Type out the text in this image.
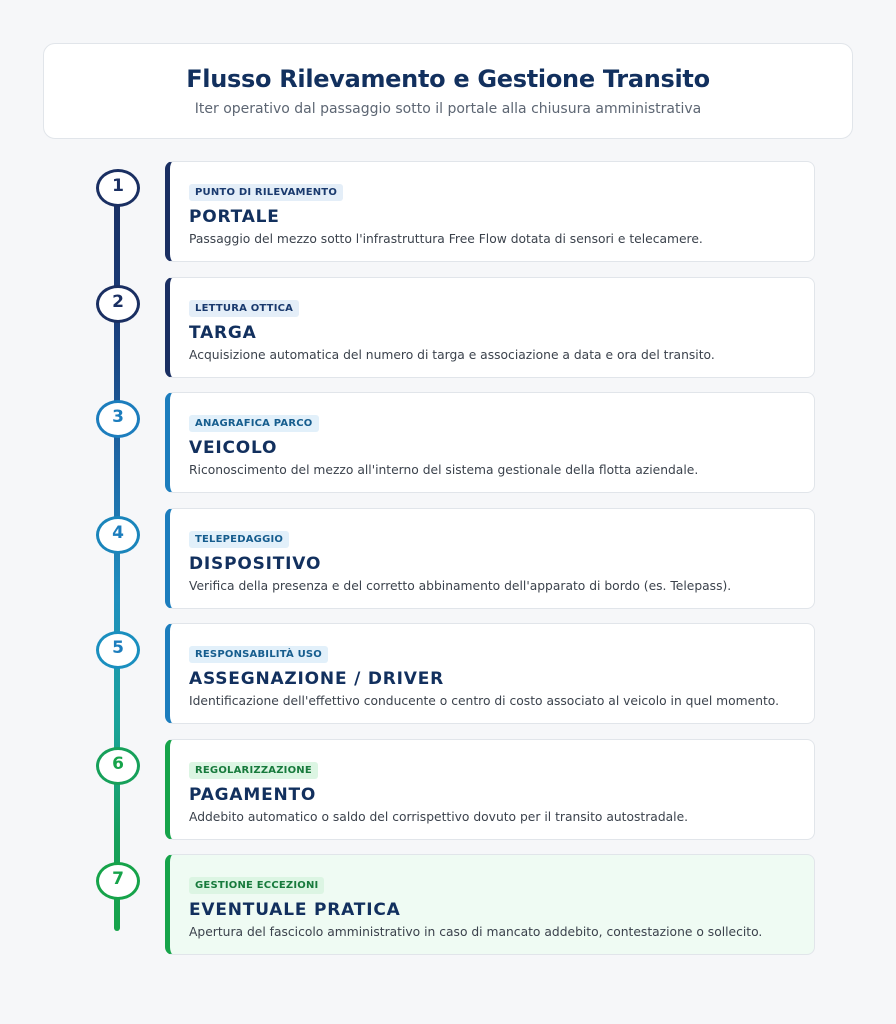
Flusso Rilevamento e Gestione Transito
Iter operativo dal passaggio sotto il portale alla chiusura amministrativa
1	PUNTO DI RILEVAMENTO
PORTALE
Passaggio del mezzo sotto l'infrastruttura Free Flow dotata di sensori e telecamere.
2	LETTURA OTTICA
TARGA
Acquisizione automatica del numero di targa e associazione a data e ora del transito.
3	ANAGRAFICA PARCO
VEICOLO
Riconoscimento del mezzo all'interno del sistema gestionale della flotta aziendale.
4	TELEPEDAGGIO
DISPOSITIVO
Verifica della presenza e del corretto abbinamento dell'apparato di bordo (es. Telepass).
5	RESPONSABILITÀ USO
ASSEGNAZIONE / DRIVER
Identificazione dell'effettivo conducente o centro di costo associato al veicolo in quel momento.
6	REGOLARIZZAZIONE
PAGAMENTO
Addebito automatico o saldo del corrispettivo dovuto per il transito autostradale.
7	GESTIONE ECCEZIONI
EVENTUALE PRATICA
Apertura del fascicolo amministrativo in caso di mancato addebito, contestazione o sollecito.
